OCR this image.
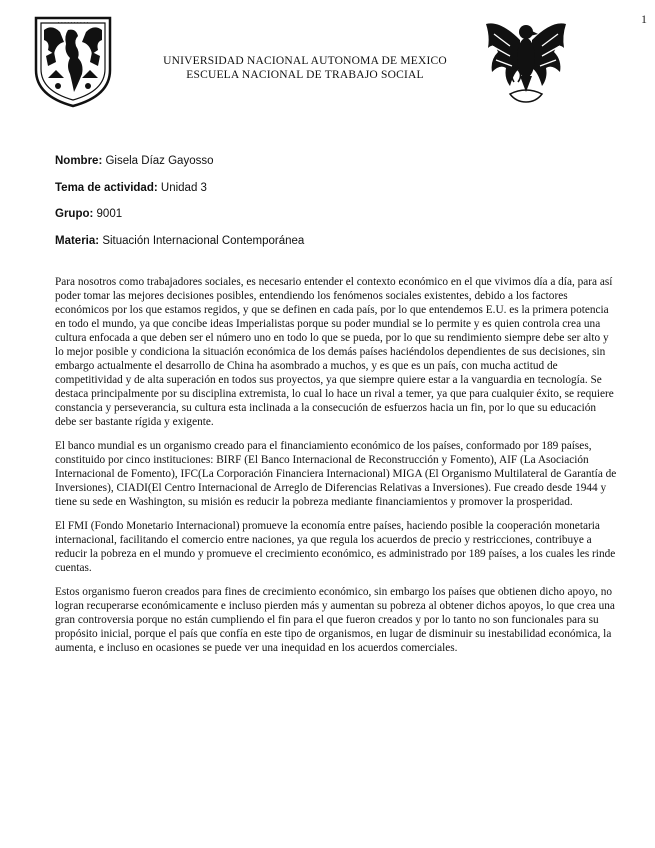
1
· · · · · · · · · ·
UNIVERSIDAD NACIONAL AUTONOMA DE MEXICO
ESCUELA NACIONAL DE TRABAJO SOCIAL
Nombre: Gisela Díaz Gayosso
Tema de actividad: Unidad 3
Grupo: 9001
Materia: Situación Internacional Contemporánea

Para nosotros como trabajadores sociales, es necesario entender el contexto económico en el que vivimos día a día, para así poder tomar las mejores decisiones posibles, entendiendo los fenómenos sociales existentes, debido a los factores económicos por los que estamos regidos, y que se definen en cada país, por lo que entendemos E.U. es la primera potencia en todo el mundo, ya que concibe ideas Imperialistas porque su poder mundial se lo permite y es quien controla crea una cultura enfocada a que deben ser el número uno en todo lo que se pueda, por lo que su rendimiento siempre debe ser alto y lo mejor posible y condiciona la situación económica de los demás países haciéndolos dependientes de sus decisiones, sin embargo actualmente el desarrollo de China ha asombrado a muchos, y es que es un país, con mucha actitud de competitividad y de alta superación en todos sus proyectos, ya que siempre quiere estar a la vanguardia en tecnología. Se destaca principalmente por su disciplina extremista, lo cual lo hace un rival a temer, ya que para cualquier éxito, se requiere constancia y perseverancia, su cultura esta inclinada a la consecución de esfuerzos hacia un fin, por lo que su educación debe ser bastante rígida y exigente.

El banco mundial es un organismo creado para el financiamiento económico de los países, conformado por 189 países, constituido por cinco instituciones: BIRF (El Banco Internacional de Reconstrucción y Fomento), AIF (La Asociación Internacional de Fomento), IFC(La Corporación Financiera Internacional) MIGA (El Organismo Multilateral de Garantía de Inversiones), CIADI(El Centro Internacional de Arreglo de Diferencias Relativas a Inversiones). Fue creado desde 1944 y tiene su sede en Washington, su misión es reducir la pobreza mediante financiamientos y promover la prosperidad.

El FMI (Fondo Monetario Internacional) promueve la economía entre países, haciendo posible la cooperación monetaria internacional, facilitando el comercio entre naciones, ya que regula los acuerdos de precio y restricciones, contribuye a reducir la pobreza en el mundo y promueve el crecimiento económico, es administrado por 189 países, a los cuales les rinde cuentas.

Estos organismo fueron creados para fines de crecimiento económico, sin embargo los países que obtienen dicho apoyo, no logran recuperarse económicamente e incluso pierden más y aumentan su pobreza al obtener dichos apoyos, lo que crea una gran controversia porque no están cumpliendo el fin para el que fueron creados y por lo tanto no son funcionales para su propósito inicial, porque el país que confía en este tipo de organismos, en lugar de disminuir su inestabilidad económica, la aumenta, e incluso en ocasiones se puede ver una inequidad en los acuerdos comerciales.
